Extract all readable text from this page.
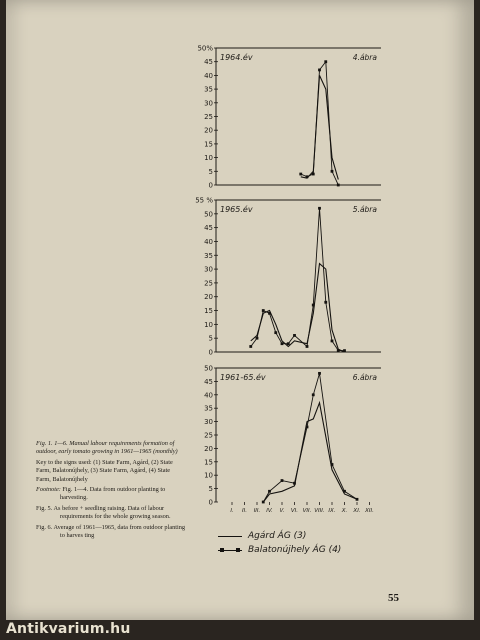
50%
45
40
35
30
25
20
15
10
5
0
1964.év	4.ábra
55 %
50
45
40
35
30
25
20
15
10
5
0
1965.év	5.ábra
50
45
40
35
30
25
20
15
10
5
0
1961-65.év	6.ábra
I. II. III. IV. V. VI. VII. VIII. IX. X. XI. XII.

Fig. 1. 1—6. Manual labour requirements formation of outdoor, early tomato growing in 1961—1965 (monthly)

Key to the signs used: (1) State Farm, Agárd, (2) State Farm, Balatonújhely, (3) State Farm, Agárd, (4) State Farm, Balatonújhely

Footnote: Fig. 1—4. Data from outdoor planting to harvesting.

Fig. 5. As before + seedling raising. Data of labour requirements for the whole growing season.

Fig. 6. Average of 1961—1965, data from outdoor planting to harves ting	Agárd ÁG (3)
Balatonújhely ÁG (4)
55
Antikvarium.hu
